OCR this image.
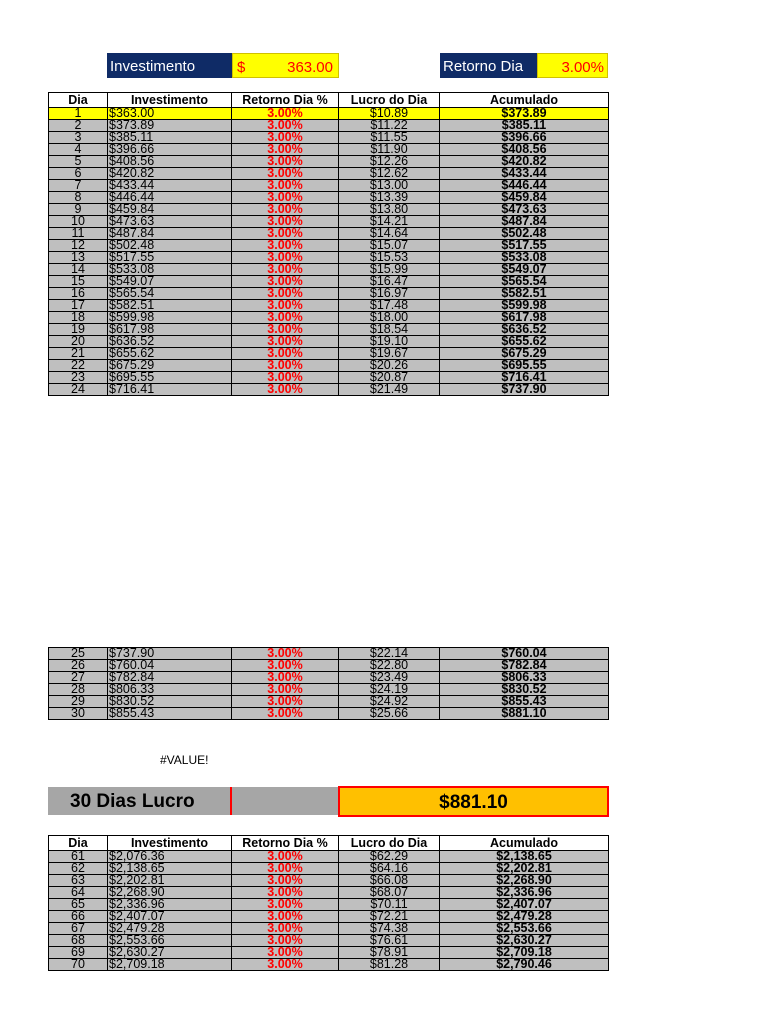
Investimento	$	363.00	Retorno Dia	3.00%
Dia	Investimento	Retorno Dia %	Lucro do Dia	Acumulado
1	$363.00	3.00%	$10.89	$373.89
2	$373.89	3.00%	$11.22	$385.11
3	$385.11	3.00%	$11.55	$396.66
4	$396.66	3.00%	$11.90	$408.56
5	$408.56	3.00%	$12.26	$420.82
6	$420.82	3.00%	$12.62	$433.44
7	$433.44	3.00%	$13.00	$446.44
8	$446.44	3.00%	$13.39	$459.84
9	$459.84	3.00%	$13.80	$473.63
10	$473.63	3.00%	$14.21	$487.84
11	$487.84	3.00%	$14.64	$502.48
12	$502.48	3.00%	$15.07	$517.55
13	$517.55	3.00%	$15.53	$533.08
14	$533.08	3.00%	$15.99	$549.07
15	$549.07	3.00%	$16.47	$565.54
16	$565.54	3.00%	$16.97	$582.51
17	$582.51	3.00%	$17.48	$599.98
18	$599.98	3.00%	$18.00	$617.98
19	$617.98	3.00%	$18.54	$636.52
20	$636.52	3.00%	$19.10	$655.62
21	$655.62	3.00%	$19.67	$675.29
22	$675.29	3.00%	$20.26	$695.55
23	$695.55	3.00%	$20.87	$716.41
24	$716.41	3.00%	$21.49	$737.90
25	$737.90	3.00%	$22.14	$760.04
26	$760.04	3.00%	$22.80	$782.84
27	$782.84	3.00%	$23.49	$806.33
28	$806.33	3.00%	$24.19	$830.52
29	$830.52	3.00%	$24.92	$855.43
30	$855.43	3.00%	$25.66	$881.10
#VALUE!
30 Dias Lucro	$881.10
Dia	Investimento	Retorno Dia %	Lucro do Dia	Acumulado
61	$2,076.36	3.00%	$62.29	$2,138.65
62	$2,138.65	3.00%	$64.16	$2,202.81
63	$2,202.81	3.00%	$66.08	$2,268.90
64	$2,268.90	3.00%	$68.07	$2,336.96
65	$2,336.96	3.00%	$70.11	$2,407.07
66	$2,407.07	3.00%	$72.21	$2,479.28
67	$2,479.28	3.00%	$74.38	$2,553.66
68	$2,553.66	3.00%	$76.61	$2,630.27
69	$2,630.27	3.00%	$78.91	$2,709.18
70	$2,709.18	3.00%	$81.28	$2,790.46
